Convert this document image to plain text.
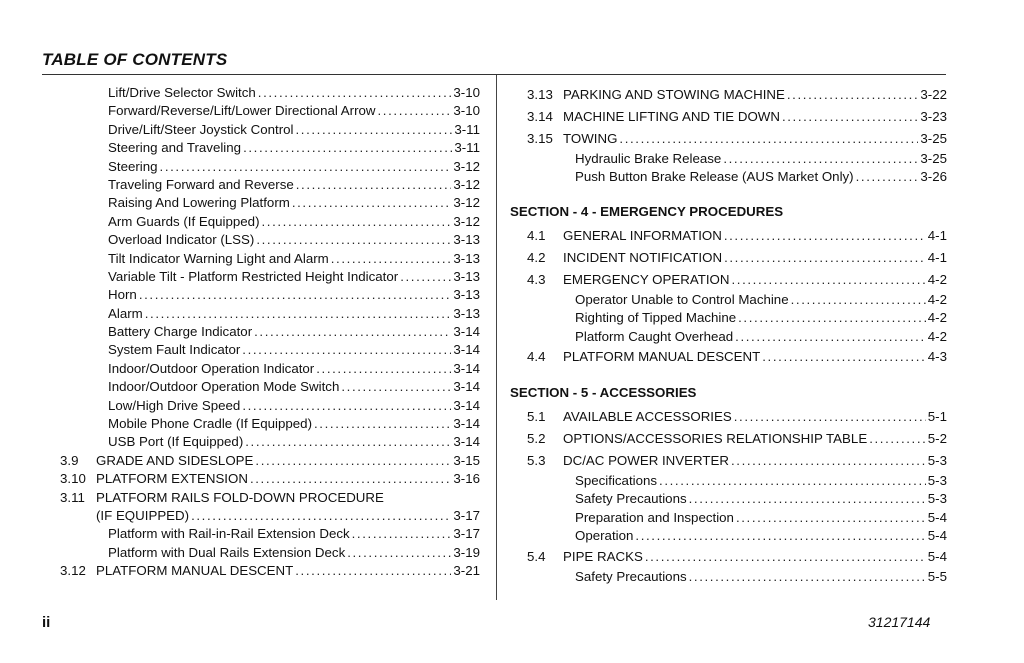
TABLE OF CONTENTS
Lift/Drive Selector Switch .....	3-10
Forward/Reverse/Lift/Lower Directional Arrow .....	3-10
Drive/Lift/Steer Joystick Control .....	3-11
Steering and Traveling .....	3-11
Steering .....	3-12
Traveling Forward and Reverse .....	3-12
Raising And Lowering Platform .....	3-12
Arm Guards (If Equipped) .....	3-12
Overload Indicator (LSS) .....	3-13
Tilt Indicator Warning Light and Alarm .....	3-13
Variable Tilt - Platform Restricted Height Indicator .....	3-13
Horn .....	3-13
Alarm .....	3-13
Battery Charge Indicator .....	3-14
System Fault Indicator .....	3-14
Indoor/Outdoor Operation Indicator .....	3-14
Indoor/Outdoor Operation Mode Switch .....	3-14
Low/High Drive Speed .....	3-14
Mobile Phone Cradle (If Equipped) .....	3-14
USB Port (If Equipped) .....	3-14
3.9	GRADE AND SIDESLOPE .....	3-15
3.10 PLATFORM EXTENSION .....	3-16
3.11 PLATFORM RAILS FOLD-DOWN PROCEDURE
(IF EQUIPPED) .....	3-17
Platform with Rail-in-Rail Extension Deck .....	3-17
Platform with Dual Rails Extension Deck .....	3-19
3.12 PLATFORM MANUAL DESCENT .....	3-21
3.13 PARKING AND STOWING MACHINE .....	3-22
3.14 MACHINE LIFTING AND TIE DOWN .....	3-23
3.15 TOWING .....	3-25
Hydraulic Brake Release .....	3-25
Push Button Brake Release (AUS Market Only) .....	3-26
SECTION - 4 - EMERGENCY PROCEDURES
4.1	GENERAL INFORMATION .....	4-1
4.2	INCIDENT NOTIFICATION .....	4-1
4.3	EMERGENCY OPERATION .....	4-2
Operator Unable to Control Machine .....	4-2
Righting of Tipped Machine .....	4-2
Platform Caught Overhead .....	4-2
4.4	PLATFORM MANUAL DESCENT .....	4-3
SECTION - 5 - ACCESSORIES
5.1	AVAILABLE ACCESSORIES .....	5-1
5.2	OPTIONS/ACCESSORIES RELATIONSHIP TABLE .....	5-2
5.3	DC/AC POWER INVERTER .....	5-3
Specifications .....	5-3
Safety Precautions .....	5-3
Preparation and Inspection .....	5-4
Operation .....	5-4
5.4	PIPE RACKS .....	5-4
Safety Precautions .....	5-5
ii	31217144
